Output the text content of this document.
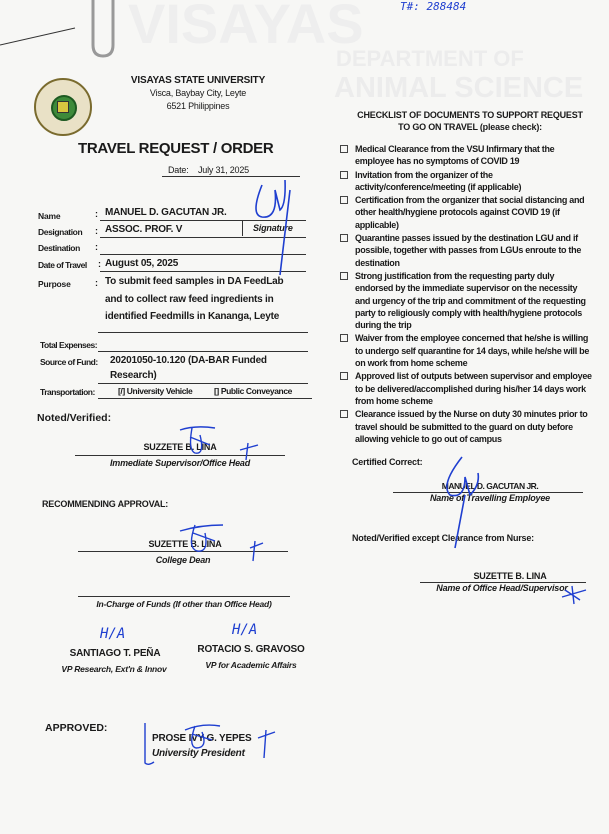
VISAYAS
DEPARTMENT OF
ANIMAL SCIENCE
T#: 288484
VISAYAS STATE UNIVERSITY
Visca, Baybay City, Leyte
6521 Philippines
TRAVEL REQUEST / ORDER
Date: July 31, 2025
Name	: MANUEL D. GACUTAN JR.
Designation : ASSOC. PROF. V	Signature
Destination :
Date of Travel : August 05, 2025
Purpose	: To submit feed samples in DA FeedLab
and to collect raw feed ingredients in
identified Feedmills in Kananga, Leyte
Total Expenses:
Source of Fund: 20201050-10.120 (DA-BAR Funded
Research)
Transportation:	[/] University Vehicle	[] Public Conveyance
Noted/Verified:
SUZZETE B. LINA
Immediate Supervisor/Office Head
RECOMMENDING APPROVAL:
SUZETTE B. LINA
College Dean
In-Charge of Funds (If other than Office Head)
H/A
SANTIAGO T. PEÑA
VP Research, Ext'n & Innov
H/A
ROTACIO S. GRAVOSO
VP for Academic Affairs
APPROVED:
PROSE IVY G. YEPES
University President
CHECKLIST OF DOCUMENTS TO SUPPORT REQUEST
TO GO ON TRAVEL (please check):
Medical Clearance from the VSU Infirmary that the employee has no symptoms of COVID 19
Invitation from the organizer of the activity/conference/meeting (if applicable)
Certification from the organizer that social distancing and other health/hygiene protocols against COVID 19 (if applicable)
Quarantine passes issued by the destination LGU and if possible, together with passes from LGUs enroute to the destination
Strong justification from the requesting party duly endorsed by the immediate supervisor on the necessity and urgency of the trip and commitment of the requesting party to religiously comply with health/hygiene protocols during the trip
Waiver from the employee concerned that he/she is willing to undergo self quarantine for 14 days, while he/she will be on work from home scheme
Approved list of outputs between supervisor and employee to be delivered/accomplished during his/her 14 days work from home scheme
Clearance issued by the Nurse on duty 30 minutes prior to travel should be submitted to the guard on duty before allowing vehicle to go out of campus
Certified Correct:
MANUEL D. GACUTAN JR.
Name of Travelling Employee
Noted/Verified except Clearance from Nurse:
SUZETTE B. LINA
Name of Office Head/Supervisor
